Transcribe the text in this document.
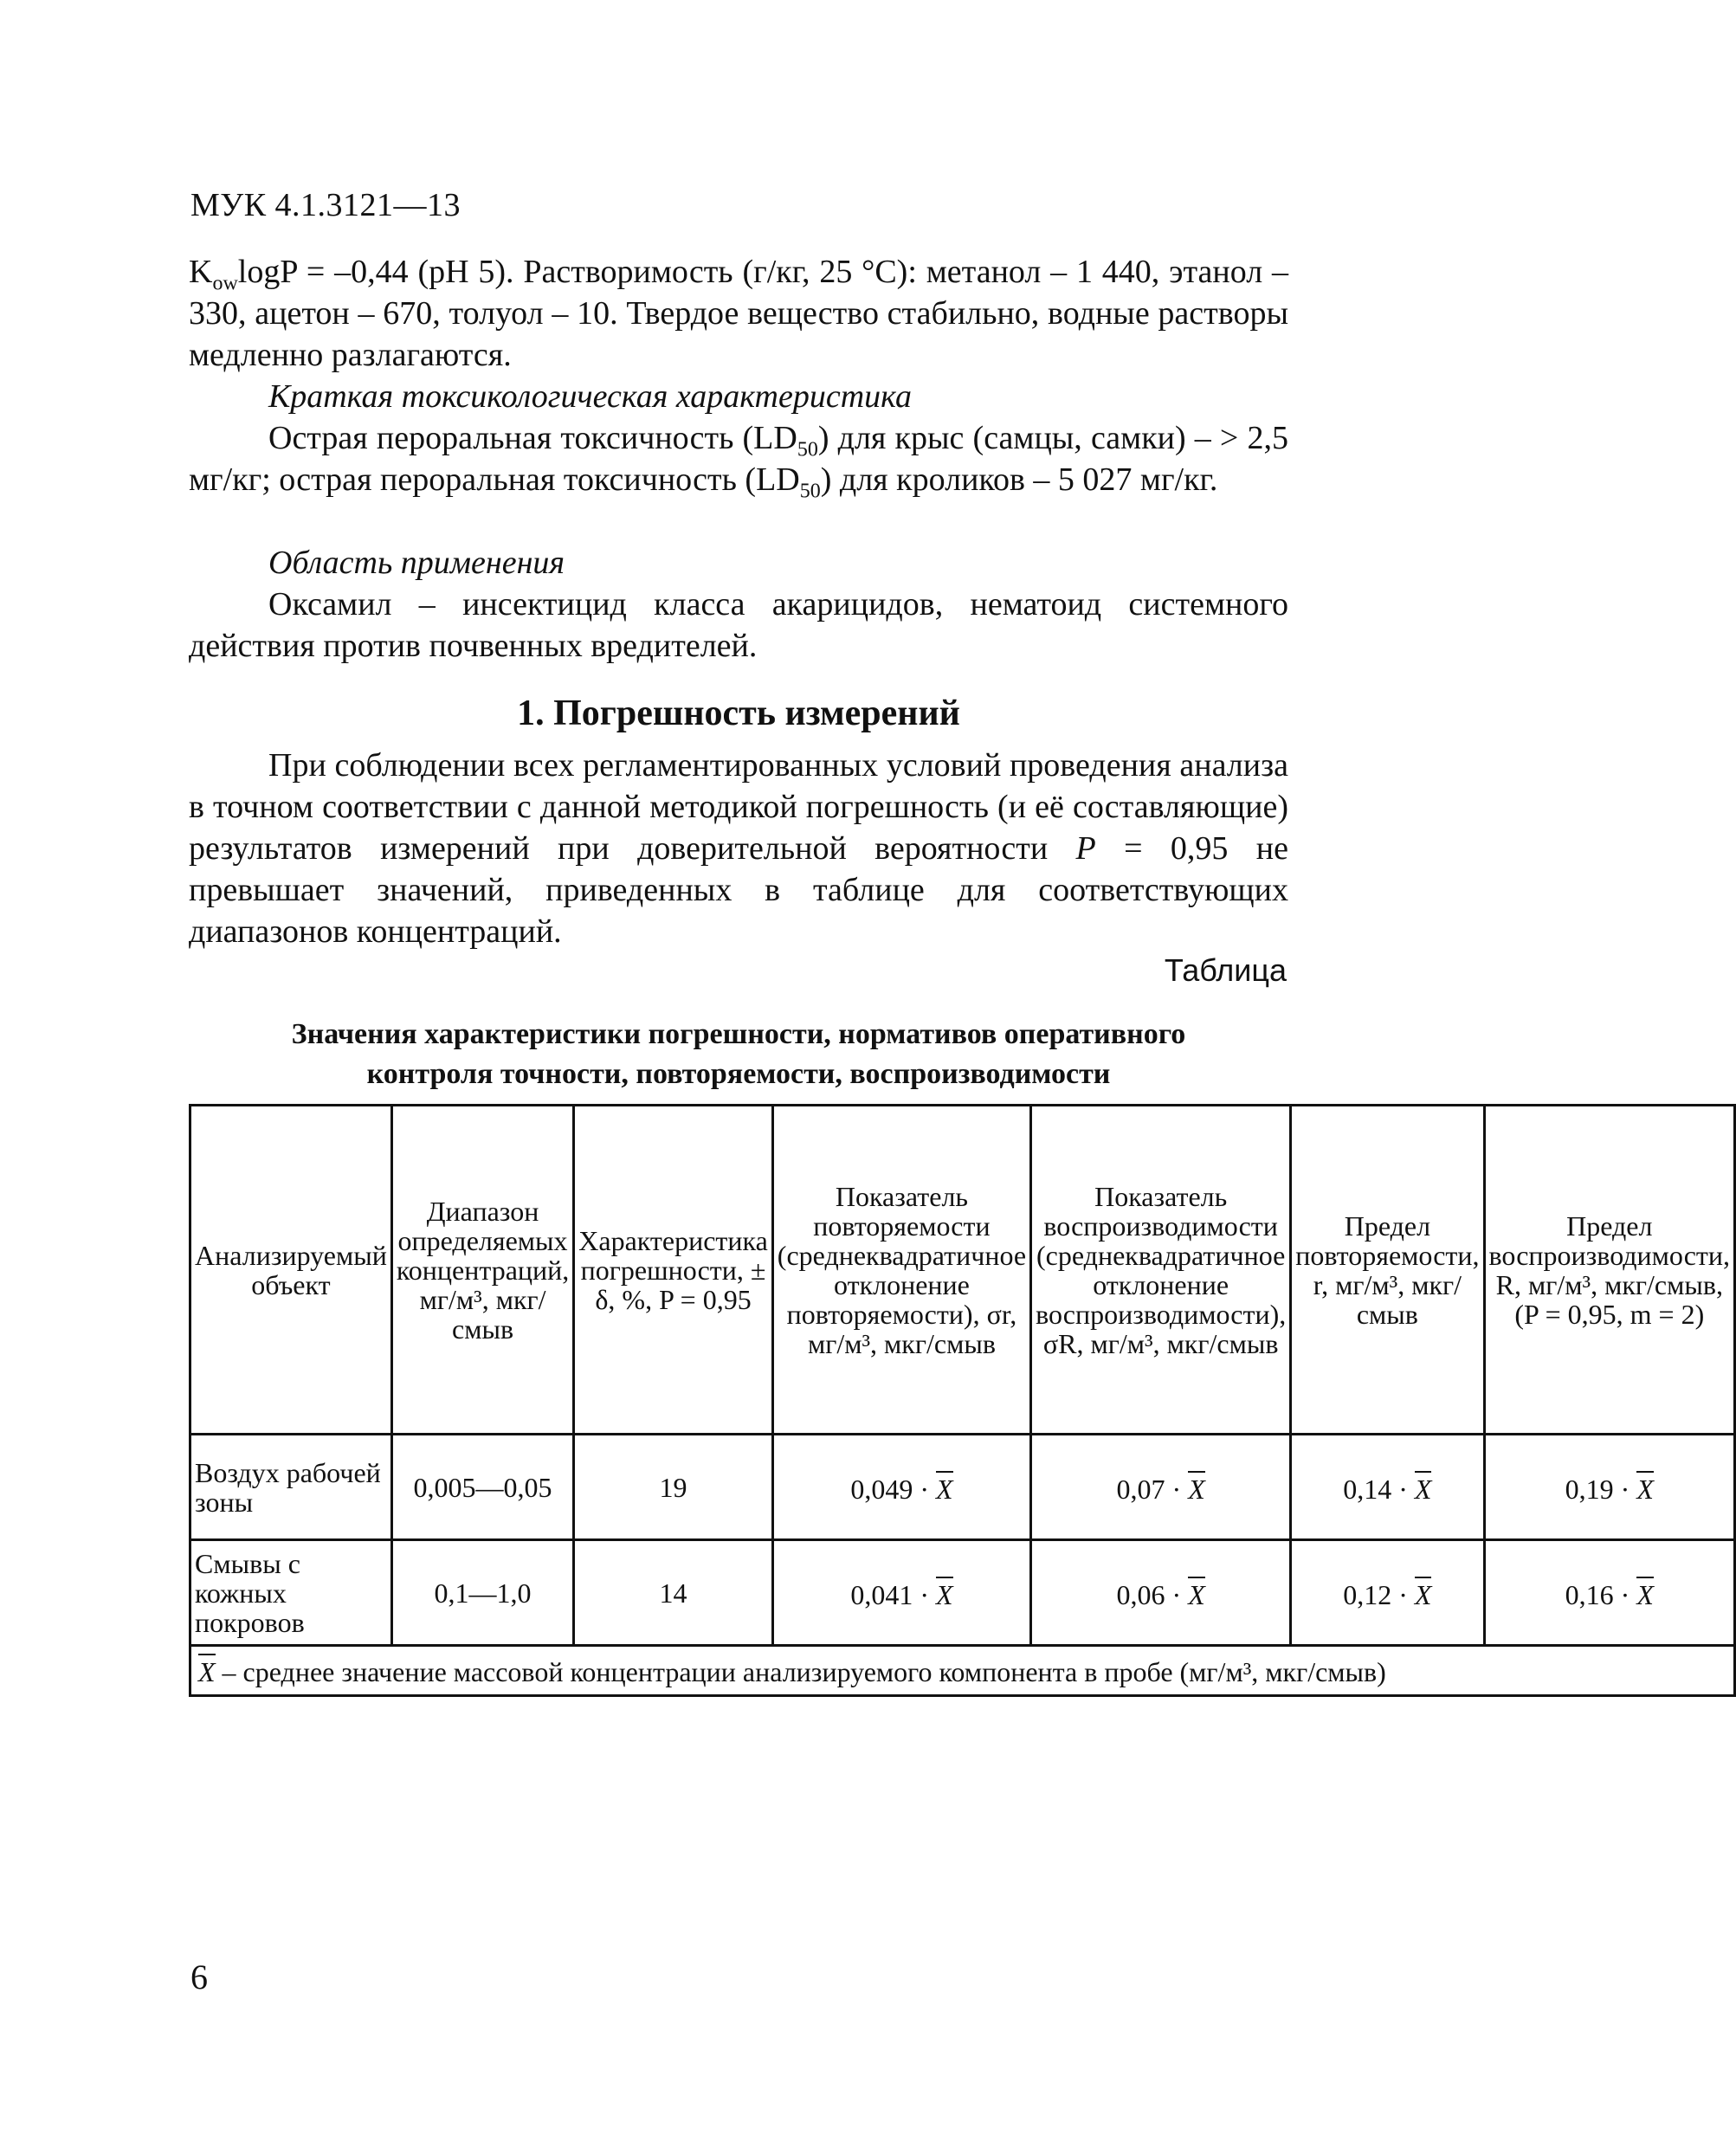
МУК 4.1.3121—13
$K_{ow}\log P = -0,44$ (рН 5). Растворимость (г/кг, 25 °C): метанол – 1 440, этанол – 330, ацетон – 670, толуол – 10. Твердое вещество стабильно, водные растворы медленно разлагаются.
Краткая токсикологическая характеристика
Острая пероральная токсичность $(LD_{50})$ для крыс (самцы, самки) – > 2,5 мг/кг; острая пероральная токсичность $(LD_{50})$ для кроликов – 5 027 мг/кг.
Область применения
Оксамил – инсектицид класса акарицидов, нематоид системного действия против почвенных вредителей.
1. Погрешность измерений
При соблюдении всех регламентированных условий проведения анализа в точном соответствии с данной методикой погрешность (и её составляющие) результатов измерений при доверительной вероятности P = 0,95 не превышает значений, приведенных в таблице для соответствующих диапазонов концентраций.
Таблица
Значения характеристики погрешности, нормативов оперативного
контроля точности, повторяемости, воспроизводимости
Анализируемый объект	Диапазон определяемых концентраций, мг/м³, мкг/смыв	Характеристика погрешности, ± δ, %, P = 0,95	Показатель повторяемости (среднеквадратичное отклонение повторяемости), σr, мг/м³, мкг/смыв	Показатель воспроизводимости (среднеквадратичное отклонение воспроизводимости), σR, мг/м³, мкг/смыв	Предел повторяемости, r, мг/м³, мкг/смыв	Предел воспроизводимости, R, мг/м³, мкг/смыв, (P = 0,95, m = 2)
Воздух рабочей зоны	0,005—0,05	19	0,049 · X	0,07 · X	0,14 · X	0,19 · X
Смывы с кожных покровов	0,1—1,0	14	0,041 · X	0,06 · X	0,12 · X	0,16 · X
X – среднее значение массовой концентрации анализируемого компонента в пробе (мг/м³, мкг/смыв)						
6
